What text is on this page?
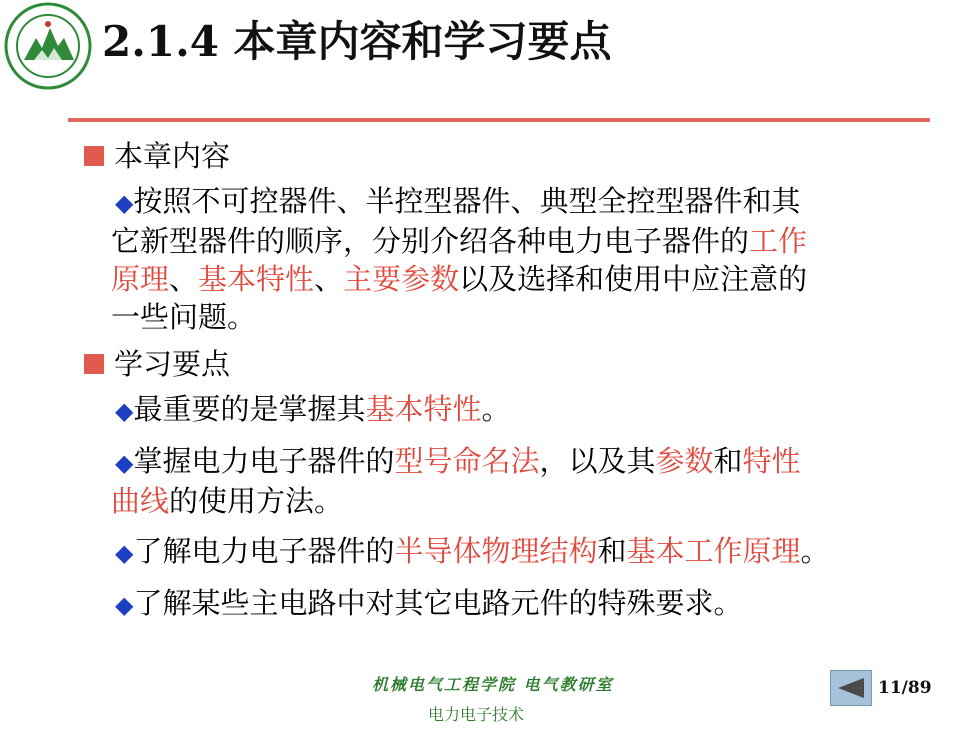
2.1.4 本章内容和学习要点
本章内容
◆按照不可控器件、半控型器件、典型全控型器件和其
它新型器件的顺序，分别介绍各种电力电子器件的工作
原理、基本特性、主要参数以及选择和使用中应注意的
一些问题。
学习要点
◆最重要的是掌握其基本特性。
◆掌握电力电子器件的型号命名法，以及其参数和特性
曲线的使用方法。
◆了解电力电子器件的半导体物理结构和基本工作原理。
◆了解某些主电路中对其它电路元件的特殊要求。
机械电气工程学院 电气教研室
电力电子技术
11/89
